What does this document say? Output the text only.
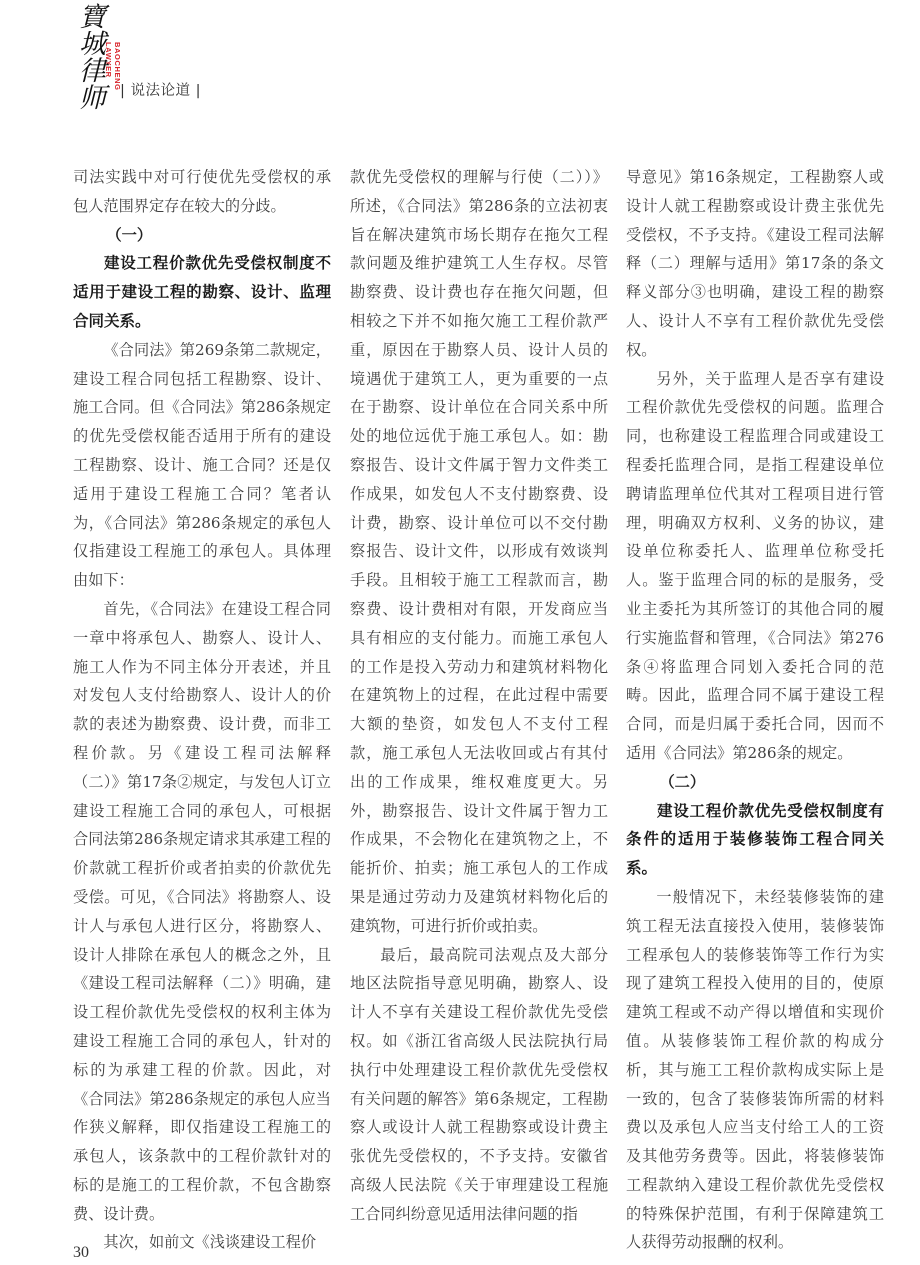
寶城律师	BAOCHENG LAWYER
| 说法论道 |

司法实践中对可行使优先受偿权的承包人范围界定存在较大的分歧。

（一）

建设工程价款优先受偿权制度不适用于建设工程的勘察、设计、监理合同关系。

《合同法》第269条第二款规定，建设工程合同包括工程勘察、设计、施工合同。但《合同法》第286条规定的优先受偿权能否适用于所有的建设工程勘察、设计、施工合同？还是仅适用于建设工程施工合同？笔者认为，《合同法》第286条规定的承包人仅指建设工程施工的承包人。具体理由如下：

首先，《合同法》在建设工程合同一章中将承包人、勘察人、设计人、施工人作为不同主体分开表述，并且对发包人支付给勘察人、设计人的价款的表述为勘察费、设计费，而非工程价款。另《建设工程司法解释（二）》第17条②规定，与发包人订立建设工程施工合同的承包人，可根据合同法第286条规定请求其承建工程的价款就工程折价或者拍卖的价款优先受偿。可见，《合同法》将勘察人、设计人与承包人进行区分，将勘察人、设计人排除在承包人的概念之外，且《建设工程司法解释（二）》明确，建设工程价款优先受偿权的权利主体为建设工程施工合同的承包人，针对的标的为承建工程的价款。因此，对《合同法》第286条规定的承包人应当作狭义解释，即仅指建设工程施工的承包人，该条款中的工程价款针对的标的是施工的工程价款，不包含勘察费、设计费。

其次，如前文《浅谈建设工程价

款优先受偿权的理解与行使（二））》所述，《合同法》第286条的立法初衷旨在解决建筑市场长期存在拖欠工程款问题及维护建筑工人生存权。尽管勘察费、设计费也存在拖欠问题，但相较之下并不如拖欠施工工程价款严重，原因在于勘察人员、设计人员的境遇优于建筑工人，更为重要的一点在于勘察、设计单位在合同关系中所处的地位远优于施工承包人。如：勘察报告、设计文件属于智力文件类工作成果，如发包人不支付勘察费、设计费，勘察、设计单位可以不交付勘察报告、设计文件，以形成有效谈判手段。且相较于施工工程款而言，勘察费、设计费相对有限，开发商应当具有相应的支付能力。而施工承包人的工作是投入劳动力和建筑材料物化在建筑物上的过程，在此过程中需要大额的垫资，如发包人不支付工程款，施工承包人无法收回或占有其付出的工作成果，维权难度更大。另外，勘察报告、设计文件属于智力工作成果，不会物化在建筑物之上，不能折价、拍卖；施工承包人的工作成果是通过劳动力及建筑材料物化后的建筑物，可进行折价或拍卖。

最后，最高院司法观点及大部分地区法院指导意见明确，勘察人、设计人不享有关建设工程价款优先受偿权。如《浙江省高级人民法院执行局执行中处理建设工程价款优先受偿权有关问题的解答》第6条规定，工程勘察人或设计人就工程勘察或设计费主张优先受偿权的，不予支持。安徽省高级人民法院《关于审理建设工程施工合同纠纷意见适用法律问题的指

导意见》第16条规定，工程勘察人或设计人就工程勘察或设计费主张优先受偿权，不予支持。《建设工程司法解释（二）理解与适用》第17条的条文释义部分③也明确，建设工程的勘察人、设计人不享有工程价款优先受偿权。

另外，关于监理人是否享有建设工程价款优先受偿权的问题。监理合同，也称建设工程监理合同或建设工程委托监理合同，是指工程建设单位聘请监理单位代其对工程项目进行管理，明确双方权利、义务的协议，建设单位称委托人、监理单位称受托人。鉴于监理合同的标的是服务，受业主委托为其所签订的其他合同的履行实施监督和管理，《合同法》第276条④将监理合同划入委托合同的范畴。因此，监理合同不属于建设工程合同，而是归属于委托合同，因而不适用《合同法》第286条的规定。

（二）

建设工程价款优先受偿权制度有条件的适用于装修装饰工程合同关系。

一般情况下，未经装修装饰的建筑工程无法直接投入使用，装修装饰工程承包人的装修装饰等工作行为实现了建筑工程投入使用的目的，使原建筑工程或不动产得以增值和实现价值。从装修装饰工程价款的构成分析，其与施工工程价款构成实际上是一致的，包含了装修装饰所需的材料费以及承包人应当支付给工人的工资及其他劳务费等。因此，将装修装饰工程款纳入建设工程价款优先受偿权的特殊保护范围，有利于保障建筑工人获得劳动报酬的权利。

30
